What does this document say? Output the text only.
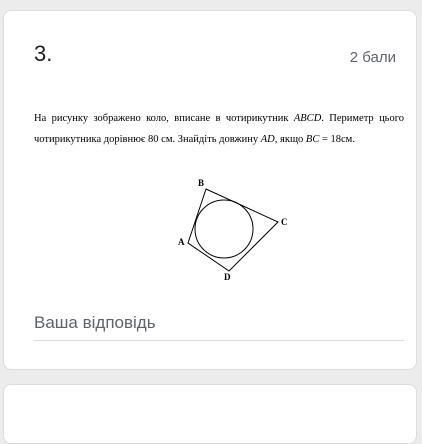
3.	2 бали
На рисунку зображено коло, вписане в чотирикутник ABCD. Периметр цього чотирикутника дорівнює 80 см. Знайдіть довжину AD, якщо BC = 18см.
B
C
A
D
Ваша відповідь
